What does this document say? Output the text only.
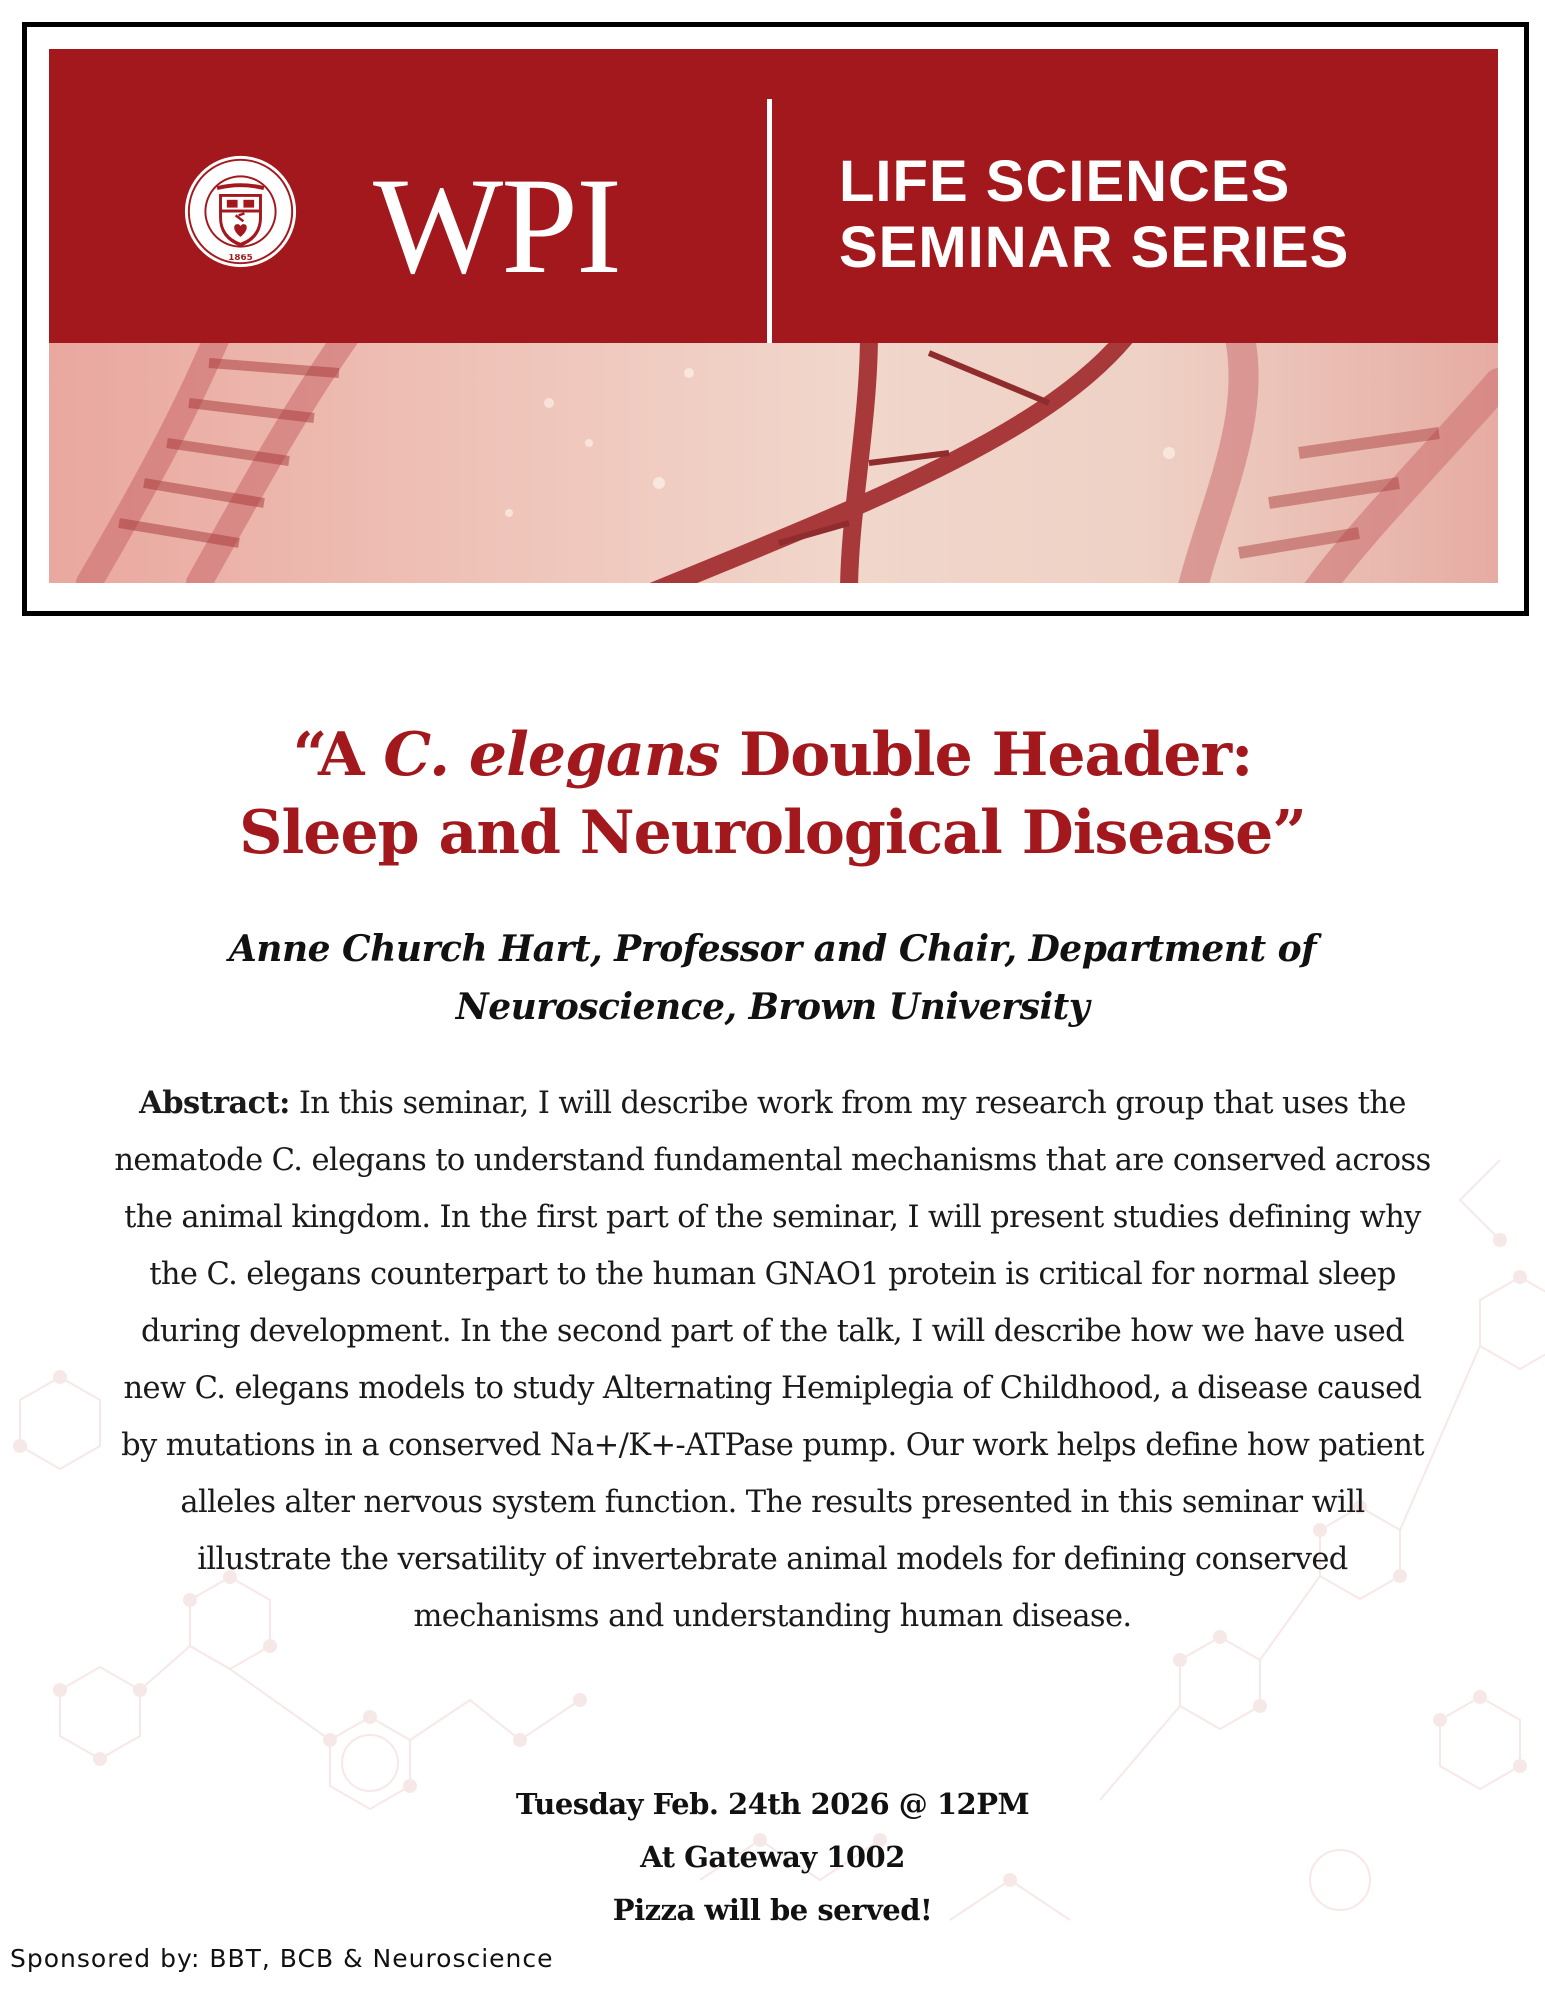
1865 WPI	LIFE SCIENCES
SEMINAR SERIES
“A C. elegans Double Header:
Sleep and Neurological Disease”
Anne Church Hart, Professor and Chair, Department of
Neuroscience, Brown University

Abstract: In this seminar, I will describe work from my research group that uses the nematode C. elegans to understand fundamental mechanisms that are conserved across the animal kingdom. In the first part of the seminar, I will present studies defining why the C. elegans counterpart to the human GNAO1 protein is critical for normal sleep during development. In the second part of the talk, I will describe how we have used new C. elegans models to study Alternating Hemiplegia of Childhood, a disease caused by mutations in a conserved Na+/K+-ATPase pump. Our work helps define how patient alleles alter nervous system function. The results presented in this seminar will illustrate the versatility of invertebrate animal models for defining conserved mechanisms and understanding human disease.

Tuesday Feb. 24th 2026 @ 12PM
At Gateway 1002
Pizza will be served!
Sponsored by: BBT, BCB & Neuroscience
